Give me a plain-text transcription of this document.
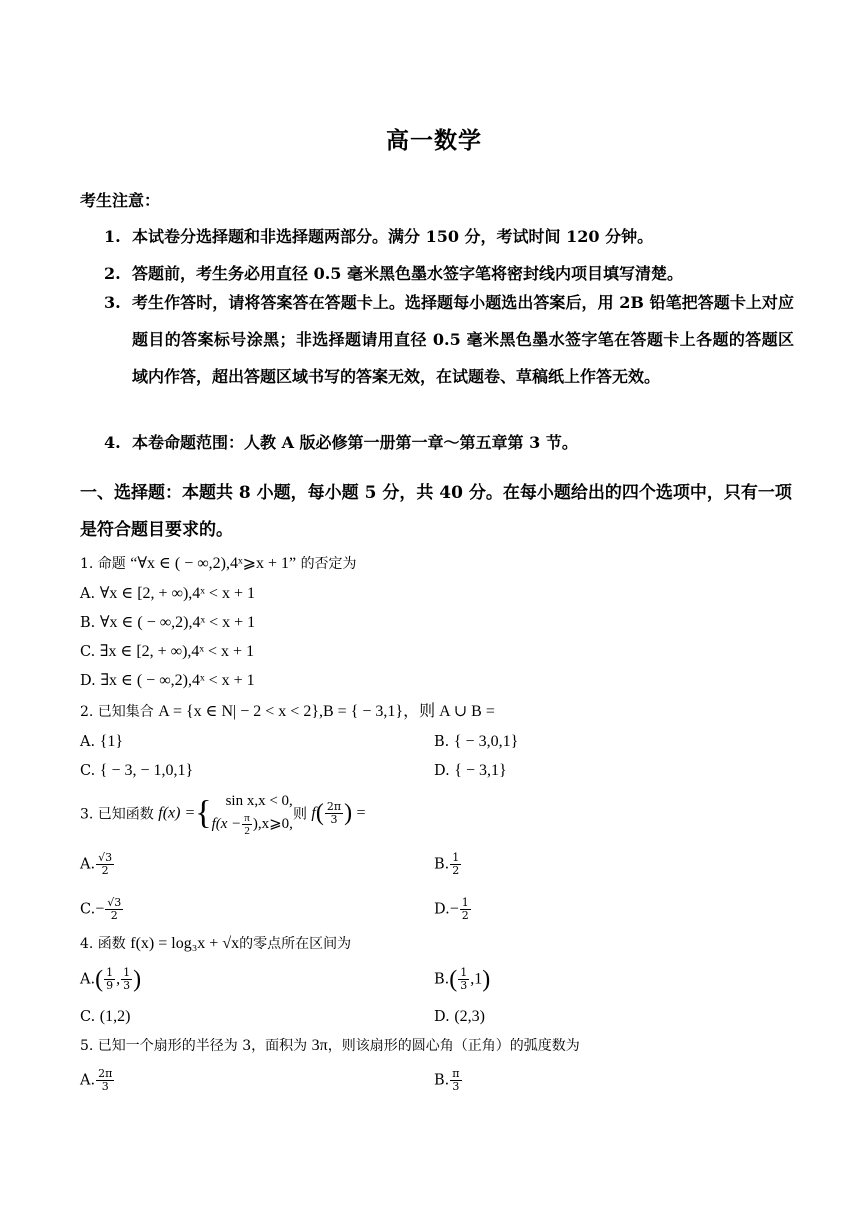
高一数学
考生注意：
1. 本试卷分选择题和非选择题两部分。满分 150 分，考试时间 120 分钟。
2. 答题前，考生务必用直径 0.5 毫米黑色墨水签字笔将密封线内项目填写清楚。
3. 考生作答时，请将答案答在答题卡上。选择题每小题选出答案后，用 2B 铅笔把答题卡上对应题目的答案标号涂黑；非选择题请用直径 0.5 毫米黑色墨水签字笔在答题卡上各题的答题区域内作答，超出答题区域书写的答案无效，在试题卷、草稿纸上作答无效。
4. 本卷命题范围：人教 A 版必修第一册第一章～第五章第 3 节。
一、选择题：本题共 8 小题，每小题 5 分，共 40 分。在每小题给出的四个选项中，只有一项是符合题目要求的。
1. 命题 “∀x ∈ ( − ∞,2),4ˣ⩾x + 1” 的否定为
A. ∀x ∈ [2, + ∞),4ˣ < x + 1
B. ∀x ∈ ( − ∞,2),4ˣ < x + 1
C. ∃x ∈ [2, + ∞),4ˣ < x + 1
D. ∃x ∈ ( − ∞,2),4ˣ < x + 1
2. 已知集合 A = {x ∈ N| − 2 < x < 2},B = { − 3,1}，则 A ∪ B =
A. {1}	B. { − 3,0,1}
C. { − 3, − 1,0,1}	D. { − 3,1}
3. 已知函数 f(x) ={ sin x,x < 0,
$f(x - \frac{\pi}{2}$ ),x⩾0,
则 $f( \frac{2\pi}{3}$ ) =
A. $\frac{√3}{2}$	B. $\frac{1}{2}$
$C.- \frac{√3}{2}$	$D.- \frac{1}{2}$
4. 函数 f(x) = log₃x + √x的零点所在区间为
$A.( \frac{1}{9}$ , $\frac{1}{3}$ )	$B.( \frac{1}{3} ,1)$
C. (1,2)	D. (2,3)
5. 已知一个扇形的半径为 3，面积为 3π，则该扇形的圆心角（正角）的弧度数为
A. $\frac{2\pi}{3}$	B. $\frac{\pi}{3}$
